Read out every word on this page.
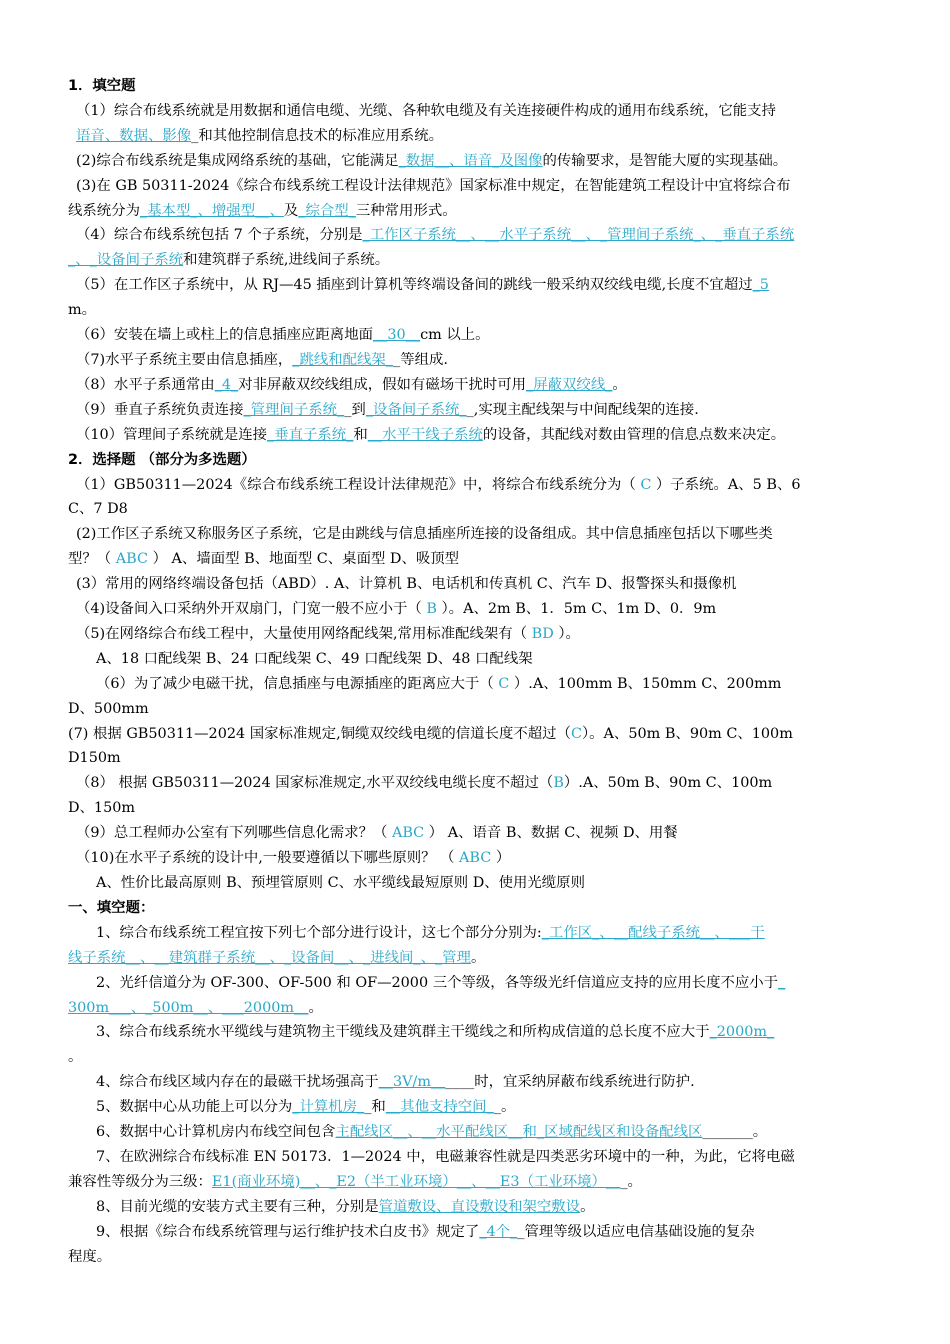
1．填空题
（1）综合布线系统就是用数据和通信电缆、光缆、各种软电缆及有关连接硬件构成的通用布线系统，它能支持
语音、数据、影像_和其他控制信息技术的标准应用系统。
(2)综合布线系统是集成网络系统的基础，它能满足_数据__、语音_及图像的传输要求，是智能大厦的实现基础。
(3)在 GB 50311-2024《综合布线系统工程设计法律规范》国家标准中规定，在智能建筑工程设计中宜将综合布
线系统分为_基本型_、增强型__、及_综合型_三种常用形式。
（4）综合布线系统包括 7 个子系统，分别是_工作区子系统__、__水平子系统__、_管理间子系统_、_垂直子系统
_、_设备间子系统和建筑群子系统,进线间子系统。
（5）在工作区子系统中，从 RJ—45 插座到计算机等终端设备间的跳线一般采纳双绞线电缆,长度不宜超过_5
m。
（6）安装在墙上或柱上的信息插座应距离地面__30__cm 以上。
（7)水平子系统主要由信息插座，_跳线和配线架__等组成.
（8）水平子系通常由_4_对非屏蔽双绞线组成，假如有磁场干扰时可用_屏蔽双绞线_。
（9）垂直子系统负责连接_管理间子系统__到_设备间子系统__,实现主配线架与中间配线架的连接.
（10）管理间子系统就是连接_垂直子系统_和__水平干线子系统的设备，其配线对数由管理的信息点数来决定。
2．选择题 （部分为多选题）
（1）GB50311—2024《综合布线系统工程设计法律规范》中，将综合布线系统分为（ C ）子系统。A、5 B、6
C、7 D8
(2)工作区子系统又称服务区子系统，它是由跳线与信息插座所连接的设备组成。其中信息插座包括以下哪些类
型？（ ABC ） A、墙面型 B、地面型 C、桌面型 D、吸顶型
(3）常用的网络终端设备包括（ABD）. A、计算机 B、电话机和传真机 C、汽车 D、报警探头和摄像机
（4)设备间入口采纳外开双扇门，门宽一般不应小于（ B ）。A、2m B、1．5m C、1m D、0．9m
（5)在网络综合布线工程中，大量使用网络配线架,常用标准配线架有（ BD ）。
A、18 口配线架 B、24 口配线架 C、49 口配线架 D、48 口配线架
（6）为了减少电磁干扰，信息插座与电源插座的距离应大于（ C ）.A、100mm B、150mm C、200mm
D、500mm
(7) 根据 GB50311—2024 国家标准规定,铜缆双绞线电缆的信道长度不超过（C）。A、50m B、90m C、100m
D150m
（8） 根据 GB50311—2024 国家标准规定,水平双绞线电缆长度不超过（B）.A、50m B、90m C、100m
D、150m
（9）总工程师办公室有下列哪些信息化需求？（ ABC ） A、语音 B、数据 C、视频 D、用餐
（10)在水平子系统的设计中,一般要遵循以下哪些原则？ （ ABC ）
A、性价比最高原则 B、预埋管原则 C、水平缆线最短原则 D、使用光缆原则
一、填空题：
1、综合布线系统工程宜按下列七个部分进行设计，这七个部分分别为:_工作区_、__配线子系统__、___干
线子系统__、__建筑群子系统__、_设备间__、_进线间_、_管理。
2、光纤信道分为 OF-300、OF-500 和 OF—2000 三个等级，各等级光纤信道应支持的应用长度不应小于_
300m___、_500m__、___2000m__。
3、综合布线系统水平缆线与建筑物主干缆线及建筑群主干缆线之和所构成信道的总长度不应大于_2000m_
。
4、综合布线区域内存在的最磁干扰场强高于__3V/m______时，宜采纳屏蔽布线系统进行防护.
5、数据中心从功能上可以分为_计算机房__和__其他支持空间__。
6、数据中心计算机房内布线空间包含主配线区__、__水平配线区__和_区域配线区和设备配线区_______。
7、在欧洲综合布线标准 EN 50173．1—2024 中，电磁兼容性就是四类恶劣环境中的一种，为此，它将电磁
兼容性等级分为三级：E1(商业环境)__、_E2（半工业环境）__、__E3（工业环境）___。
8、目前光缆的安装方式主要有三种，分别是管道敷设、直设敷设和架空敷设。
9、根据《综合布线系统管理与运行维护技术白皮书》规定了_4个__管理等级以适应电信基础设施的复杂
程度。
